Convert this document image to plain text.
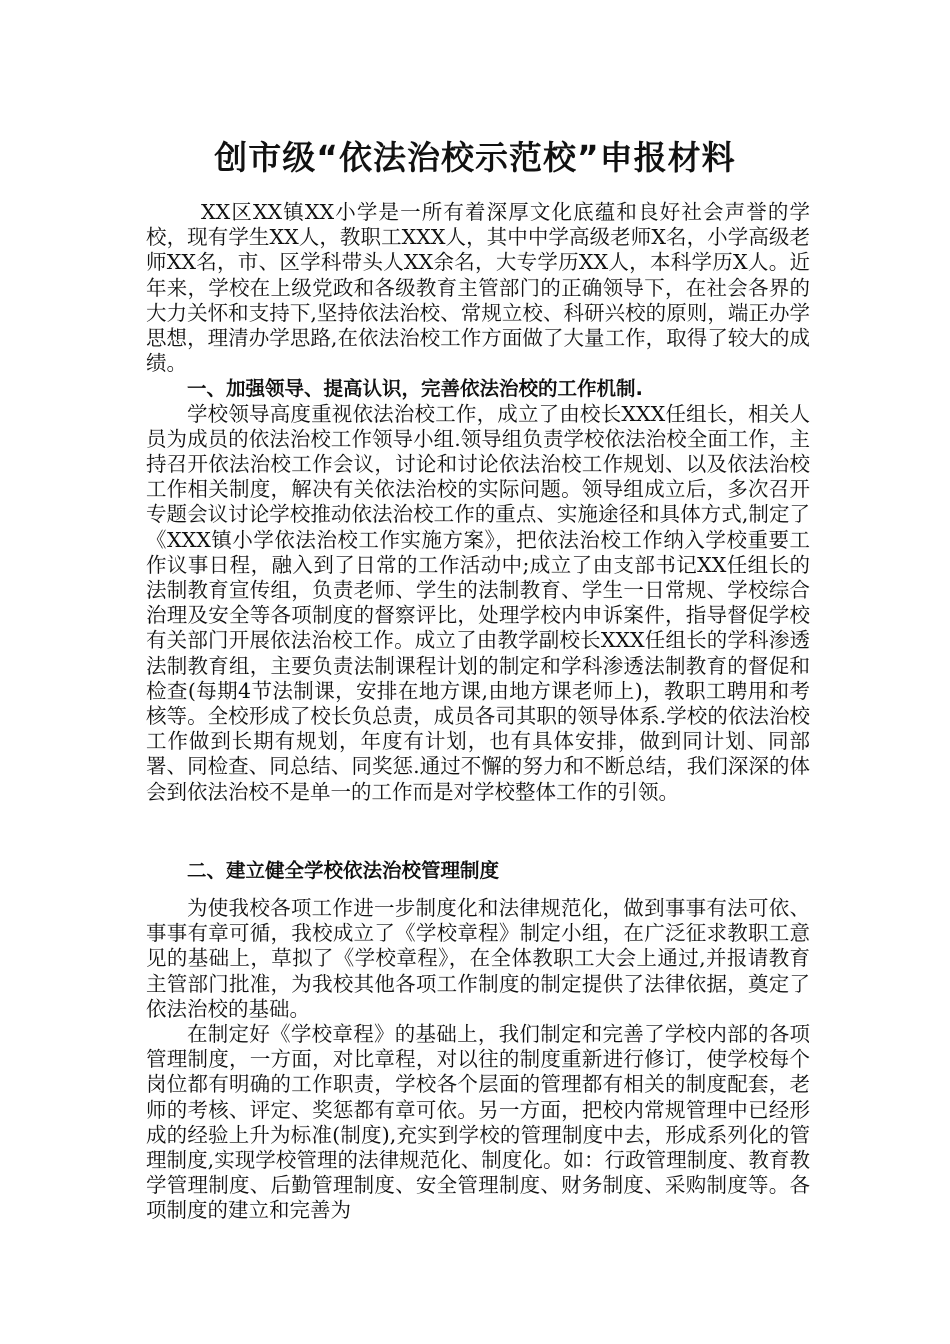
创市级“依法治校示范校”申报材料

XX区XX镇XX小学是一所有着深厚文化底蕴和良好社会声誉的学校，现有学生XX人，教职工XXX人，其中中学高级老师X名，小学高级老师XX名，市、区学科带头人XX余名，大专学历XX人，本科学历X人。近年来，学校在上级党政和各级教育主管部门的正确领导下，在社会各界的大力关怀和支持下,坚持依法治校、常规立校、科研兴校的原则，端正办学思想，理清办学思路,在依法治校工作方面做了大量工作，取得了较大的成绩。

一、加强领导、提高认识，完善依法治校的工作机制.

学校领导高度重视依法治校工作，成立了由校长XXX任组长，相关人员为成员的依法治校工作领导小组.领导组负责学校依法治校全面工作，主持召开依法治校工作会议，讨论和讨论依法治校工作规划、以及依法治校工作相关制度，解决有关依法治校的实际问题。领导组成立后，多次召开专题会议讨论学校推动依法治校工作的重点、实施途径和具体方式,制定了《XXX镇小学依法治校工作实施方案》，把依法治校工作纳入学校重要工作议事日程，融入到了日常的工作活动中;成立了由支部书记XX任组长的法制教育宣传组，负责老师、学生的法制教育、学生一日常规、学校综合治理及安全等各项制度的督察评比，处理学校内申诉案件，指导督促学校有关部门开展依法治校工作。成立了由教学副校长XXX任组长的学科渗透法制教育组，主要负责法制课程计划的制定和学科渗透法制教育的督促和检查(每期4节法制课，安排在地方课,由地方课老师上)，教职工聘用和考核等。全校形成了校长负总责，成员各司其职的领导体系.学校的依法治校工作做到长期有规划，年度有计划，也有具体安排，做到同计划、同部署、同检查、同总结、同奖惩.通过不懈的努力和不断总结，我们深深的体会到依法治校不是单一的工作而是对学校整体工作的引领。

二、建立健全学校依法治校管理制度

为使我校各项工作进一步制度化和法律规范化，做到事事有法可依、事事有章可循，我校成立了《学校章程》制定小组，在广泛征求教职工意见的基础上，草拟了《学校章程》，在全体教职工大会上通过,并报请教育主管部门批准，为我校其他各项工作制度的制定提供了法律依据，奠定了依法治校的基础。

在制定好《学校章程》的基础上，我们制定和完善了学校内部的各项管理制度，一方面，对比章程，对以往的制度重新进行修订，使学校每个岗位都有明确的工作职责，学校各个层面的管理都有相关的制度配套，老师的考核、评定、奖惩都有章可依。另一方面，把校内常规管理中已经形成的经验上升为标准(制度),充实到学校的管理制度中去，形成系列化的管理制度,实现学校管理的法律规范化、制度化。如：行政管理制度、教育教学管理制度、后勤管理制度、安全管理制度、财务制度、采购制度等。各项制度的建立和完善为
